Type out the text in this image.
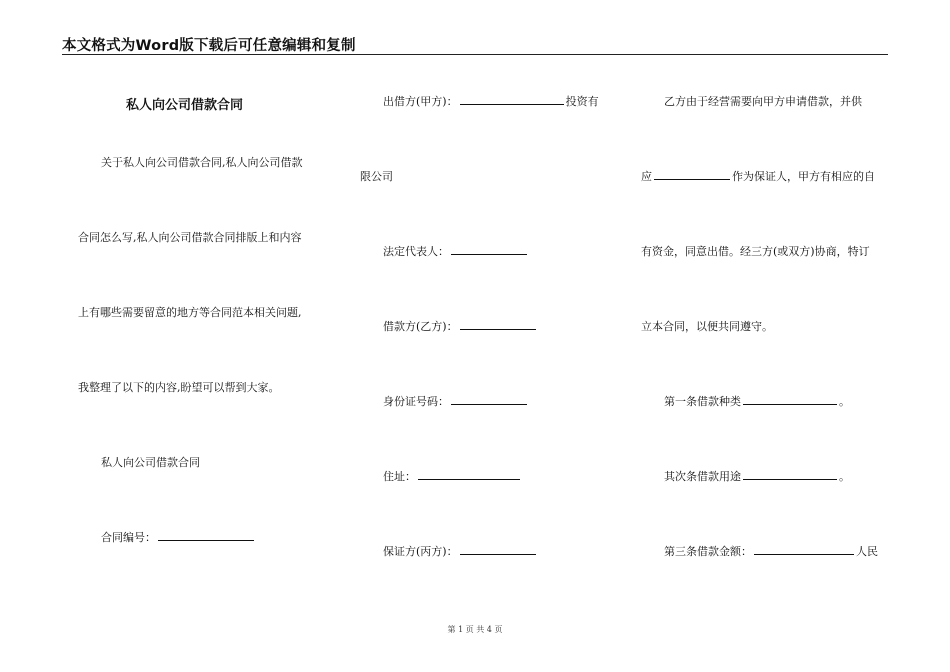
本文格式为Word版下载后可任意编辑和复制
私人向公司借款合同
关于私人向公司借款合同,私人向公司借款
合同怎么写,私人向公司借款合同排版上和内容
上有哪些需要留意的地方等合同范本相关问题,
我整理了以下的内容,盼望可以帮到大家。
私人向公司借款合同
合同编号：
出借方(甲方)：	投资有
限公司
法定代表人：
借款方(乙方)：
身份证号码：
住址：
保证方(丙方)：
乙方由于经营需要向甲方申请借款，并供
应	作为保证人，甲方有相应的自
有资金，同意出借。经三方(或双方)协商，特订
立本合同，以便共同遵守。
第一条借款种类	。
其次条借款用途	。
第三条借款金额：	人民
第 1 页 共 4 页
